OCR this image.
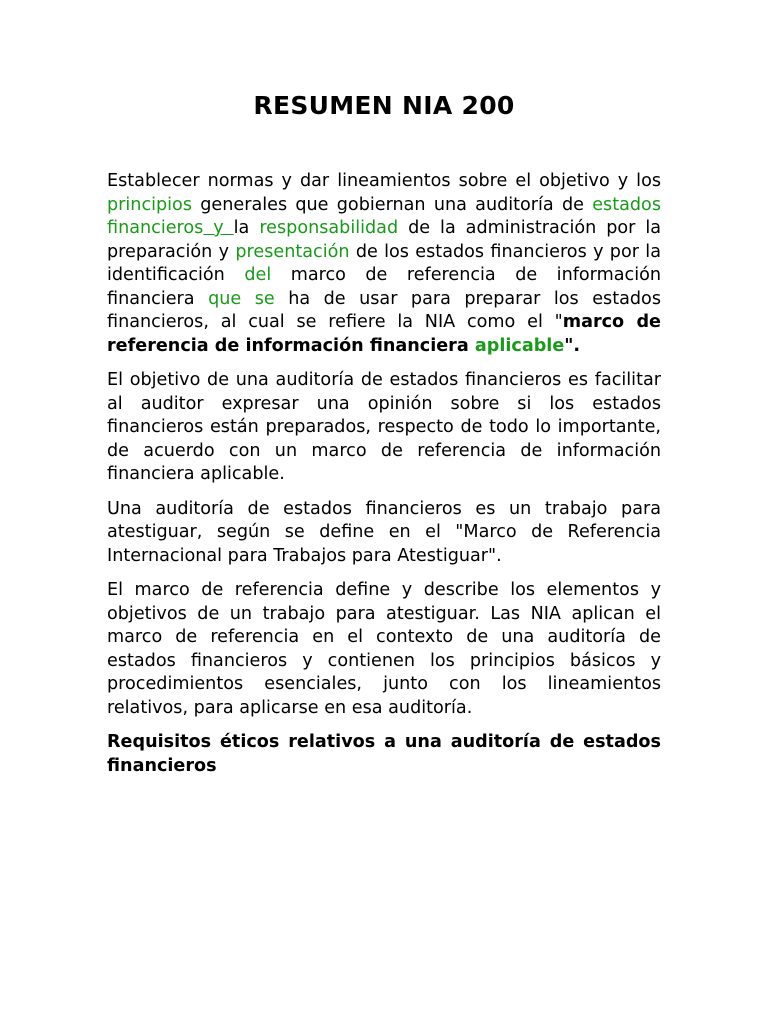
RESUMEN NIA 200

Establecer normas y dar lineamientos sobre el objetivo y los principios generales que gobiernan una auditoría de estados financieros y la responsabilidad de la administración por la preparación y presentación de los estados financieros y por la identificación del marco de referencia de información financiera que se ha de usar para preparar los estados financieros, al cual se refiere la NIA como el "marco de referencia de información financiera aplicable".

El objetivo de una auditoría de estados financieros es facilitar al auditor expresar una opinión sobre si los estados financieros están preparados, respecto de todo lo importante, de acuerdo con un marco de referencia de información financiera aplicable.

Una auditoría de estados financieros es un trabajo para atestiguar, según se define en el "Marco de Referencia Internacional para Trabajos para Atestiguar".

El marco de referencia define y describe los elementos y objetivos de un trabajo para atestiguar. Las NIA aplican el marco de referencia en el contexto de una auditoría de estados financieros y contienen los principios básicos y procedimientos esenciales, junto con los lineamientos relativos, para aplicarse en esa auditoría.

Requisitos éticos relativos a una auditoría de estados financieros
